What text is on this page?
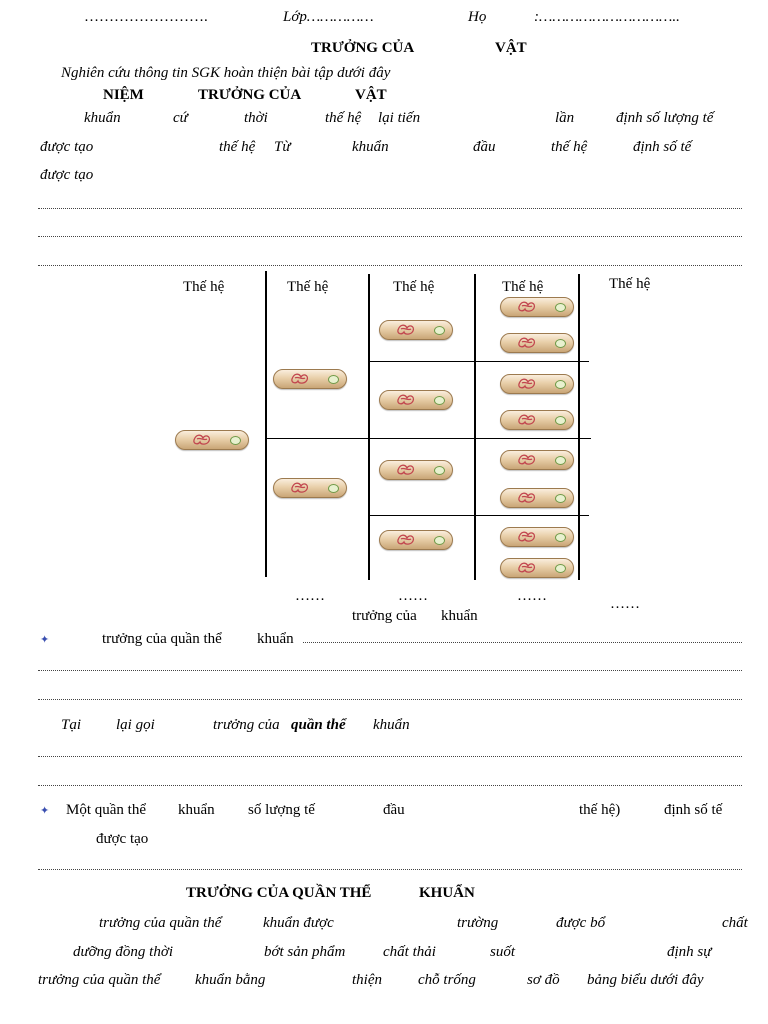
…………………….	Lớp……………	Họ	:…………………………..
TRƯỞNG CỦA	VẬT
Nghiên cứu thông tin SGK hoàn thiện bài tập dưới đây
NIỆM	TRƯỞNG CỦA	VẬT
khuẩn	cứ	thời	thế hệ lại tiến	lần	định số lượng tế
được tạo	thế hệ Từ	khuẩn	đầu	thế hệ	định số tế
được tạo
Thế hệ	Thế hệ	Thế hệ	Thế hệ	Thế hệ
……	……	……	……
trưởng của khuẩn
✦	trưởng của quần thể khuẩn
Tại lại gọi	trưởng của quần thể khuẩn
✦ Một quần thể khuẩn số lượng tế	đầu	thế hệ)	định số tế
được tạo
TRƯỞNG CỦA QUẦN THỂ	KHUẨN
trưởng của quần thể	khuẩn được	trường	được bổ	chất
dưỡng đồng thời	bớt sản phẩm	chất thải	suốt	định sự
trưởng của quần thể khuẩn bằng	thiện chỗ trống	sơ đồ bảng biểu dưới đây
